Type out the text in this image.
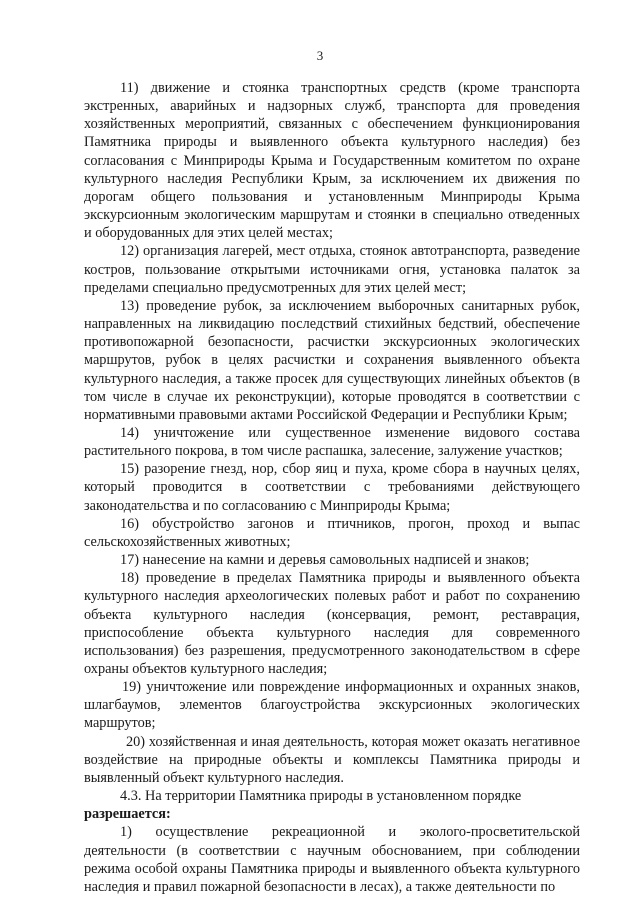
3

11) движение и стоянка транспортных средств (кроме транспорта экстренных, аварийных и надзорных служб, транспорта для проведения хозяйственных мероприятий, связанных с обеспечением функционирования Памятника природы и выявленного объекта культурного наследия) без согласования с Минприроды Крыма и Государственным комитетом по охране культурного наследия Республики Крым, за исключением их движения по дорогам общего пользования и установленным Минприроды Крыма экскурсионным экологическим маршрутам и стоянки в специально отведенных и оборудованных для этих целей местах;

12) организация лагерей, мест отдыха, стоянок автотранспорта, разведение костров, пользование открытыми источниками огня, установка палаток за пределами специально предусмотренных для этих целей мест;

13) проведение рубок, за исключением выборочных санитарных рубок, направленных на ликвидацию последствий стихийных бедствий, обеспечение противопожарной безопасности, расчистки экскурсионных экологических маршрутов, рубок в целях расчистки и сохранения выявленного объекта культурного наследия, а также просек для существующих линейных объектов (в том числе в случае их реконструкции), которые проводятся в соответствии с нормативными правовыми актами Российской Федерации и Республики Крым;

14) уничтожение или существенное изменение видового состава растительного покрова, в том числе распашка, залесение, залужение участков;

15) разорение гнезд, нор, сбор яиц и пуха, кроме сбора в научных целях, который проводится в соответствии с требованиями действующего законодательства и по согласованию с Минприроды Крыма;

16) обустройство загонов и птичников, прогон, проход и выпас сельскохозяйственных животных;

17) нанесение на камни и деревья самовольных надписей и знаков;

18) проведение в пределах Памятника природы и выявленного объекта культурного наследия археологических полевых работ и работ по сохранению объекта культурного наследия (консервация, ремонт, реставрация, приспособление объекта культурного наследия для современного использования) без разрешения, предусмотренного законодательством в сфере охраны объектов культурного наследия;

19) уничтожение или повреждение информационных и охранных знаков, шлагбаумов, элементов благоустройства экскурсионных экологических маршрутов;

20) хозяйственная и иная деятельность, которая может оказать негативное воздействие на природные объекты и комплексы Памятника природы и выявленный объект культурного наследия.

4.3. На территории Памятника природы в установленном порядке

разрешается:

1) осуществление рекреационной и эколого-просветительской деятельности (в соответствии с научным обоснованием, при соблюдении режима особой охраны Памятника природы и выявленного объекта культурного наследия и правил пожарной безопасности в лесах), а также деятельности по
